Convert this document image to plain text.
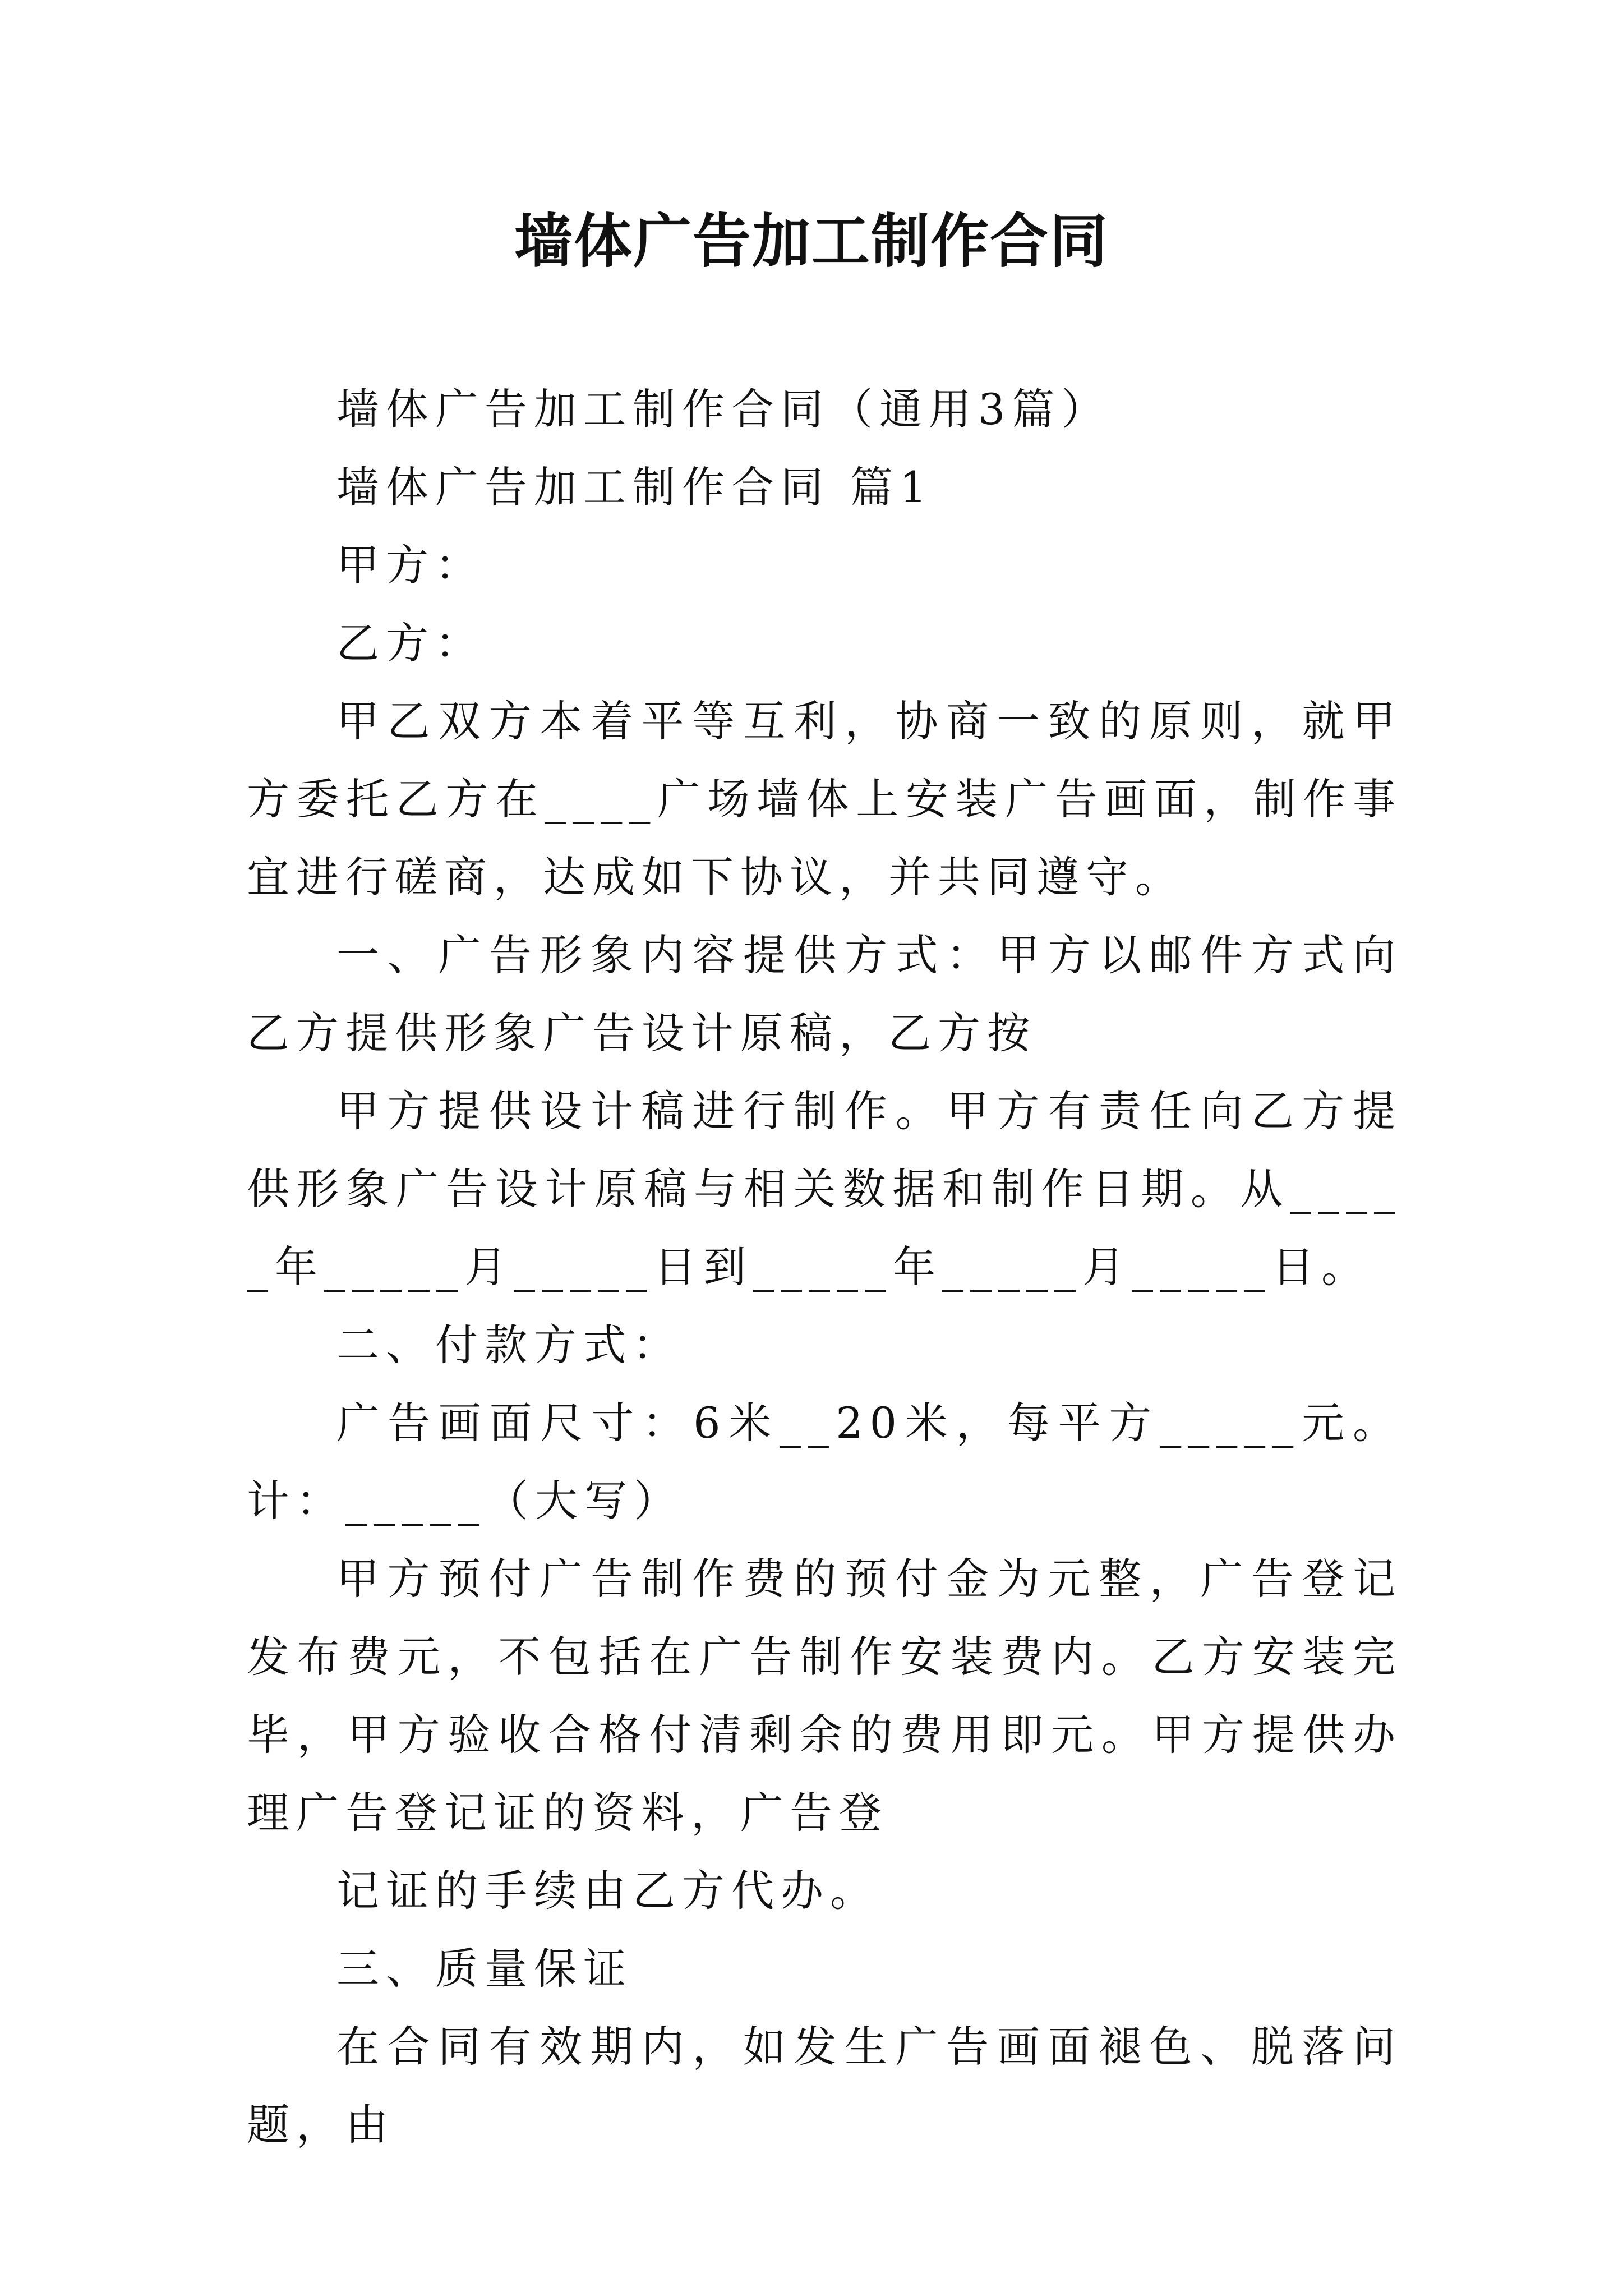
墙体广告加工制作合同

墙体广告加工制作合同（通用3篇）

墙体广告加工制作合同 篇1

甲方：

乙方：

甲乙双方本着平等互利，协商一致的原则，就甲方委托乙方在____广场墙体上安装广告画面，制作事宜进行磋商，达成如下协议，并共同遵守。

一、广告形象内容提供方式：甲方以邮件方式向乙方提供形象广告设计原稿，乙方按

甲方提供设计稿进行制作。甲方有责任向乙方提供形象广告设计原稿与相关数据和制作日期。从_____年_____月_____日到_____年_____月_____日。

二、付款方式：

广告画面尺寸：6米__20米，每平方_____元。计：_____（大写）

甲方预付广告制作费的预付金为元整，广告登记发布费元，不包括在广告制作安装费内。乙方安装完毕，甲方验收合格付清剩余的费用即元。甲方提供办理广告登记证的资料，广告登

记证的手续由乙方代办。

三、质量保证

在合同有效期内，如发生广告画面褪色、脱落问题，由
